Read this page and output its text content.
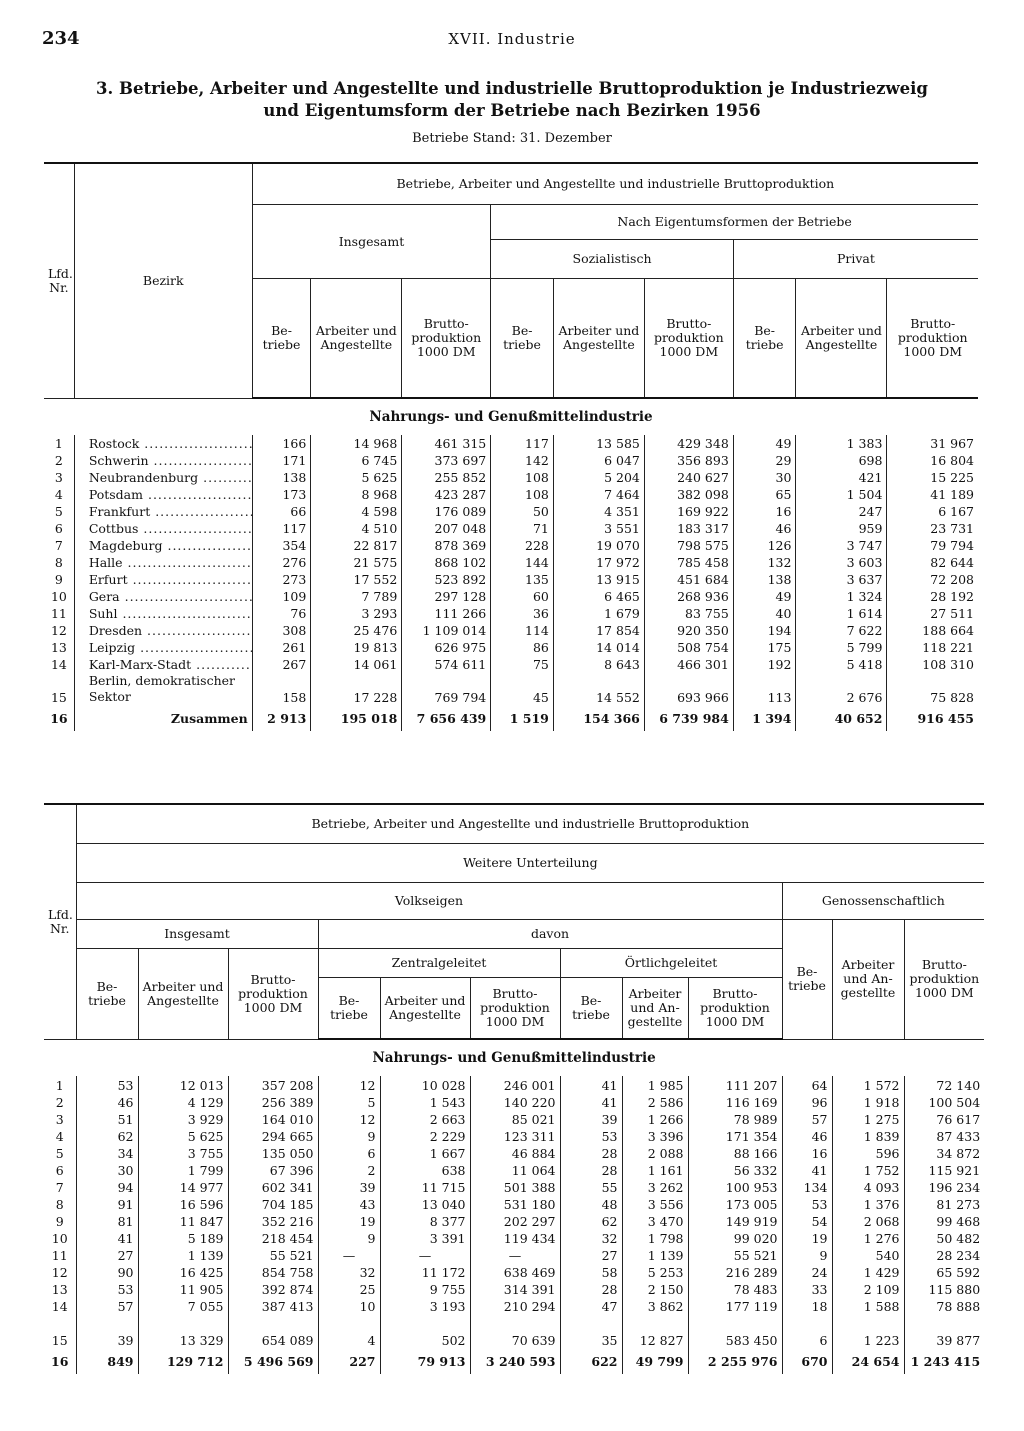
234	XVII. Industrie
3. Betriebe, Arbeiter und Angestellte und industrielle Bruttoproduktion je Industriezweig
und Eigentumsform der Betriebe nach Bezirken 1956
Betriebe Stand: 31. Dezember
Lfd. Nr.	Bezirk	Betriebe, Arbeiter und Angestellte und industrielle Bruttoproduktion								
		Insgesamt			Nach Eigentumsformen der Betriebe					
					Sozialistisch			Privat		
		Be-triebe	Arbeiter und Angestellte	Brutto-produktion 1000 DM	Be-triebe	Arbeiter und Angestellte	Brutto-produktion 1000 DM	Be-triebe	Arbeiter und Angestellte	Brutto-produktion 1000 DM
Nahrungs- und Genußmittelindustrie										
1	Rostock .....	166	14 968	461 315	117	13 585	429 348	49	1 383	31 967
2	Schwerin .....	171	6 745	373 697	142	6 047	356 893	29	698	16 804
3	Neubrandenburg .....	138	5 625	255 852	108	5 204	240 627	30	421	15 225
4	Potsdam .....	173	8 968	423 287	108	7 464	382 098	65	1 504	41 189
5	Frankfurt .....	66	4 598	176 089	50	4 351	169 922	16	247	6 167
6	Cottbus .....	117	4 510	207 048	71	3 551	183 317	46	959	23 731
7	Magdeburg .....	354	22 817	878 369	228	19 070	798 575	126	3 747	79 794
8	Halle .....	276	21 575	868 102	144	17 972	785 458	132	3 603	82 644
9	Erfurt .....	273	17 552	523 892	135	13 915	451 684	138	3 637	72 208
10	Gera .....	109	7 789	297 128	60	6 465	268 936	49	1 324	28 192
11	Suhl .....	76	3 293	111 266	36	1 679	83 755	40	1 614	27 511
12	Dresden .....	308	25 476	1 109 014	114	17 854	920 350	194	7 622	188 664
13	Leipzig .....	261	19 813	626 975	86	14 014	508 754	175	5 799	118 221
14	Karl-Marx-Stadt .....	267	14 061	574 611	75	8 643	466 301	192	5 418	108 310
15	Berlin, demokratischer Sektor	158	17 228	769 794	45	14 552	693 966	113	2 676	75 828
16	Zusammen	2 913	195 018	7 656 439	1 519	154 366	6 739 984	1 394	40 652	916 455
Lfd. Nr.	Betriebe, Arbeiter und Angestellte und industrielle Bruttoproduktion											
	Weitere Unterteilung											
	Volkseigen									Genossenschaftlich		
	Insgesamt			davon						Be-triebe	Arbeiter und An-gestellte	Brutto-produktion 1000 DM
	Be-triebe	Arbeiter und Angestellte	Brutto-produktion 1000 DM	Zentralgeleitet			Örtlichgeleitet					
				Be-triebe	Arbeiter und Angestellte	Brutto-produktion 1000 DM	Be-triebe	Arbeiter und An-gestellte	Brutto-produktion 1000 DM			
Nahrungs- und Genußmittelindustrie												
1	53	12 013	357 208	12	10 028	246 001	41	1 985	111 207	64	1 572	72 140
2	46	4 129	256 389	5	1 543	140 220	41	2 586	116 169	96	1 918	100 504
3	51	3 929	164 010	12	2 663	85 021	39	1 266	78 989	57	1 275	76 617
4	62	5 625	294 665	9	2 229	123 311	53	3 396	171 354	46	1 839	87 433
5	34	3 755	135 050	6	1 667	46 884	28	2 088	88 166	16	596	34 872
6	30	1 799	67 396	2	638	11 064	28	1 161	56 332	41	1 752	115 921
7	94	14 977	602 341	39	11 715	501 388	55	3 262	100 953	134	4 093	196 234
8	91	16 596	704 185	43	13 040	531 180	48	3 556	173 005	53	1 376	81 273
9	81	11 847	352 216	19	8 377	202 297	62	3 470	149 919	54	2 068	99 468
10	41	5 189	218 454	9	3 391	119 434	32	1 798	99 020	19	1 276	50 482
11	27	1 139	55 521	—	—	—	27	1 139	55 521	9	540	28 234
12	90	16 425	854 758	32	11 172	638 469	58	5 253	216 289	24	1 429	65 592
13	53	11 905	392 874	25	9 755	314 391	28	2 150	78 483	33	2 109	115 880
14	57	7 055	387 413	10	3 193	210 294	47	3 862	177 119	18	1 588	78 888
15	39	13 329	654 089	4	502	70 639	35	12 827	583 450	6	1 223	39 877
16	849	129 712	5 496 569	227	79 913	3 240 593	622	49 799	2 255 976	670	24 654	1 243 415
